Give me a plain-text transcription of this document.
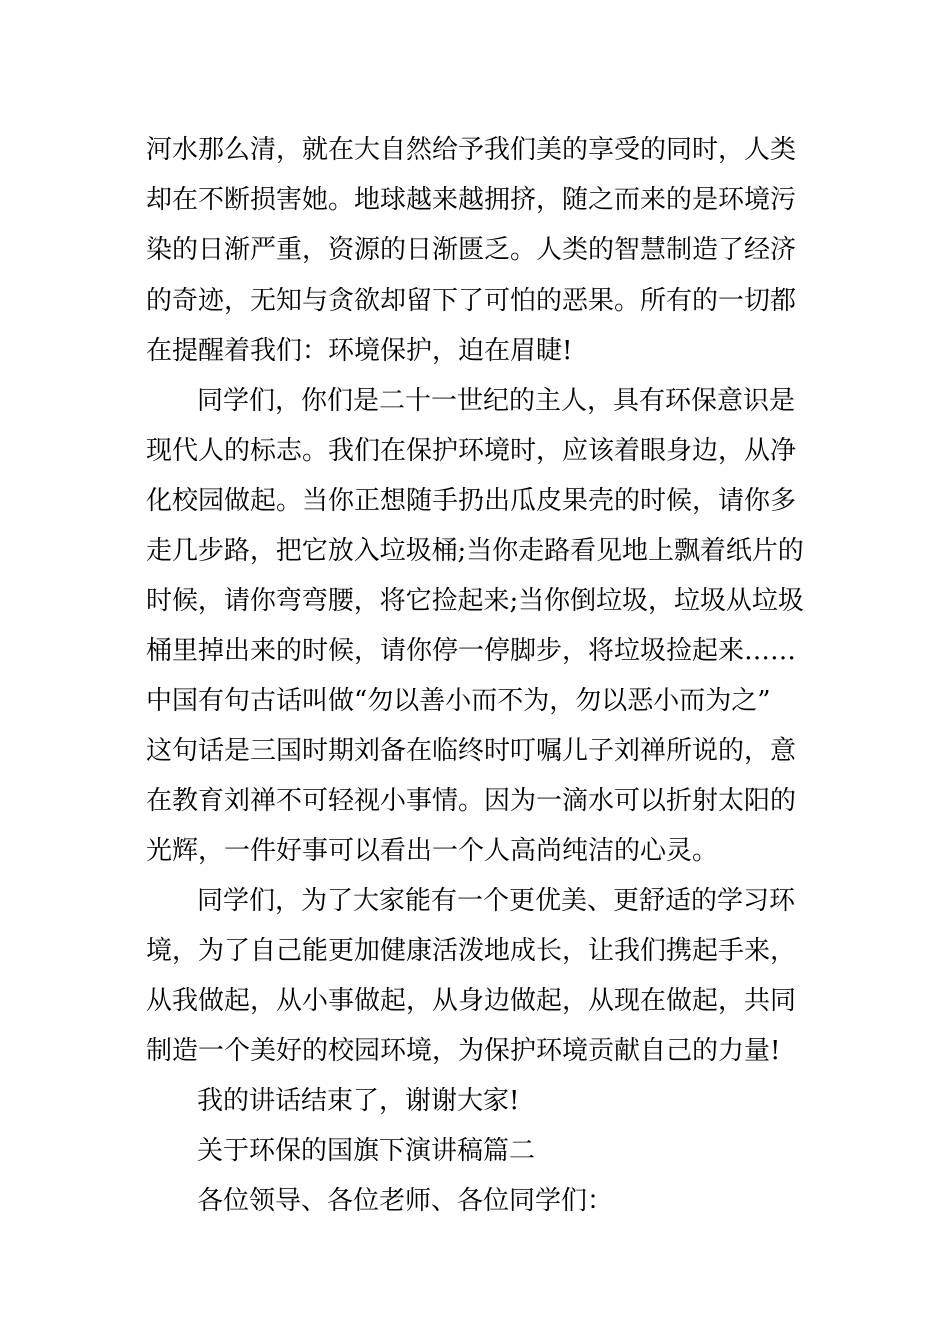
河水那么清，就在大自然给予我们美的享受的同时，人类
却在不断损害她。地球越来越拥挤，随之而来的是环境污
染的日渐严重，资源的日渐匮乏。人类的智慧制造了经济
的奇迹，无知与贪欲却留下了可怕的恶果。所有的一切都
在提醒着我们：环境保护，迫在眉睫!
同学们，你们是二十一世纪的主人，具有环保意识是
现代人的标志。我们在保护环境时，应该着眼身边，从净
化校园做起。当你正想随手扔出瓜皮果壳的时候，请你多
走几步路，把它放入垃圾桶;当你走路看见地上飘着纸片的
时候，请你弯弯腰，将它捡起来;当你倒垃圾，垃圾从垃圾
桶里掉出来的时候，请你停一停脚步，将垃圾捡起来……
中国有句古话叫做“勿以善小而不为，勿以恶小而为之”
这句话是三国时期刘备在临终时叮嘱儿子刘禅所说的，意
在教育刘禅不可轻视小事情。因为一滴水可以折射太阳的
光辉，一件好事可以看出一个人高尚纯洁的心灵。
同学们，为了大家能有一个更优美、更舒适的学习环
境，为了自己能更加健康活泼地成长，让我们携起手来，
从我做起，从小事做起，从身边做起，从现在做起，共同
制造一个美好的校园环境，为保护环境贡献自己的力量!
我的讲话结束了，谢谢大家!
关于环保的国旗下演讲稿篇二
各位领导、各位老师、各位同学们：
